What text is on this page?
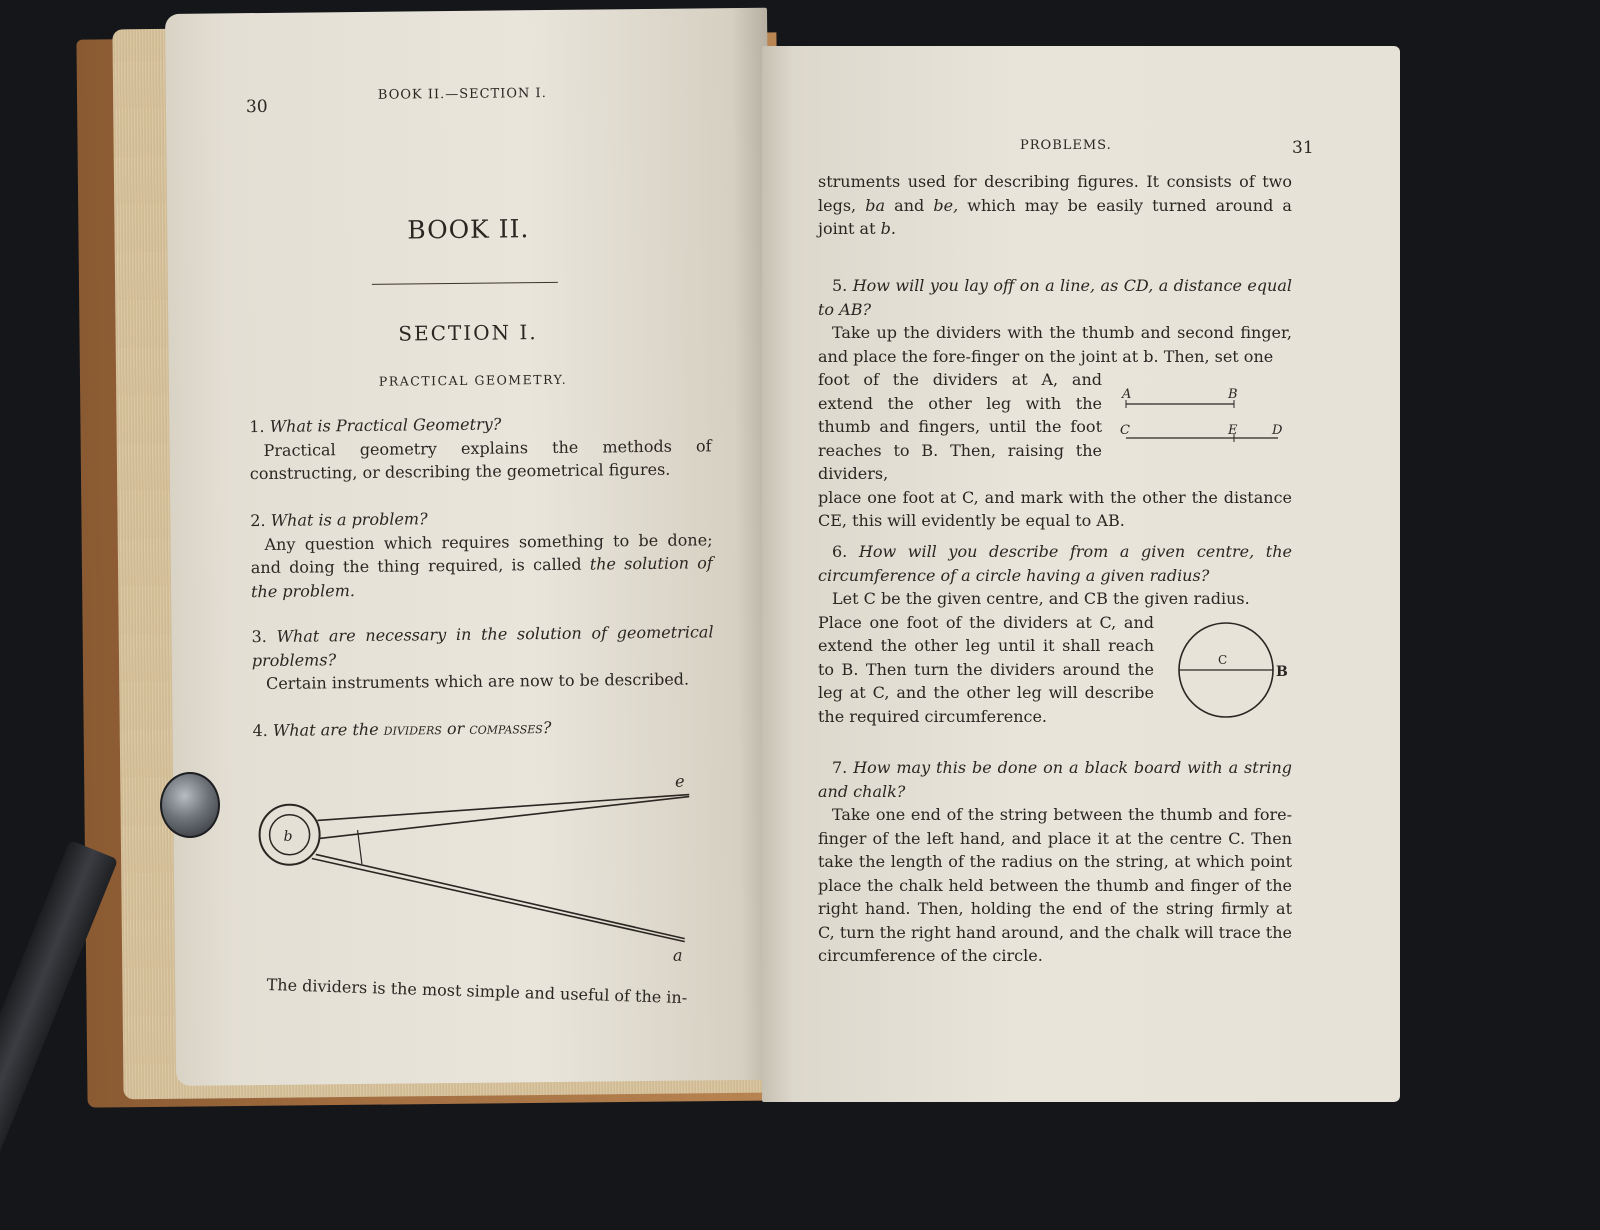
30
BOOK II.—SECTION I.
BOOK II.
SECTION I.
PRACTICAL GEOMETRY.
1. What is Practical Geometry?
Practical geometry explains the methods of constructing, or describing the geometrical figures.
2. What is a problem?
Any question which requires something to be done; and doing the thing required, is called the solution of the problem.
3. What are necessary in the solution of geometrical problems?
Certain instruments which are now to be described.
4. What are the dividers or compasses?
b
e
a
The dividers is the most simple and useful of the in-
PROBLEMS.	31
struments used for describing figures. It consists of two legs, ba and be, which may be easily turned around a joint at b.
5. How will you lay off on a line, as CD, a distance equal to AB?
Take up the dividers with the thumb and second finger, and place the fore-finger on the joint at b. Then, set one
foot of the dividers at A, and extend the other leg with the thumb and fingers, until the foot reaches to B. Then, raising the dividers,
place one foot at C, and mark with the other the distance CE, this will evidently be equal to AB.
A	B
C	E	D
6. How will you describe from a given centre, the circumference of a circle having a given radius?
Let C be the given centre, and CB the given radius.
Place one foot of the dividers at C, and extend the other leg until it shall reach to B. Then turn the dividers around the leg at C, and the other leg will describe the required circumference.
C
B
7. How may this be done on a black board with a string and chalk?
Take one end of the string between the thumb and fore-finger of the left hand, and place it at the centre C. Then take the length of the radius on the string, at which point place the chalk held between the thumb and finger of the right hand. Then, holding the end of the string firmly at C, turn the right hand around, and the chalk will trace the circumference of the circle.
